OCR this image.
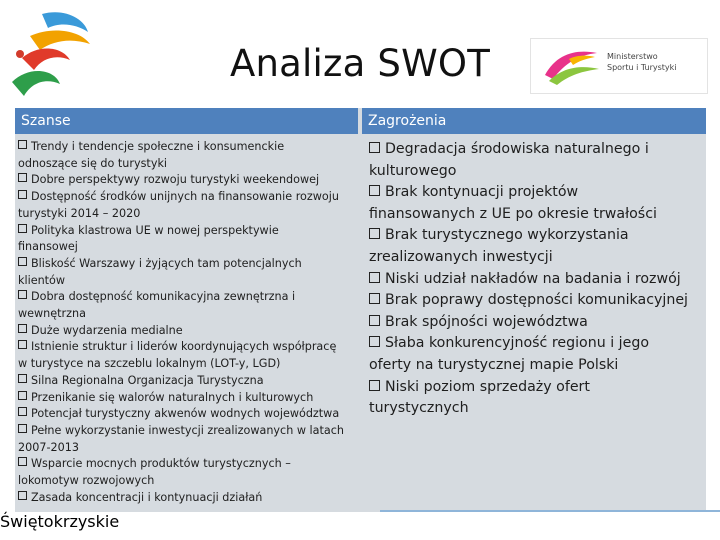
Analiza SWOT	Ministerstwo
Sportu i Turystyki
Szanse	Zagrożenia
Trendy i tendencje społeczne i konsumenckie
odnoszące się do turystyki
Dobre perspektywy rozwoju turystyki weekendowej
Dostępność środków unijnych na finansowanie rozwoju
turystyki 2014 – 2020
Polityka klastrowa UE w nowej perspektywie
finansowej
Bliskość Warszawy i żyjących tam potencjalnych
klientów
Dobra dostępność komunikacyjna zewnętrzna i
wewnętrzna
Duże wydarzenia medialne
Istnienie struktur i liderów koordynujących współpracę
w turystyce na szczeblu lokalnym (LOT-y, LGD)
Silna Regionalna Organizacja Turystyczna
Przenikanie się walorów naturalnych i kulturowych
Potencjał turystyczny akwenów wodnych województwa
Pełne wykorzystanie inwestycji zrealizowanych w latach
2007-2013
Wsparcie mocnych produktów turystycznych –
lokomotyw rozwojowych
Zasada koncentracji i kontynuacji działań
Degradacja środowiska naturalnego i
kulturowego
Brak kontynuacji projektów
finansowanych z UE po okresie trwałości
Brak turystycznego wykorzystania
zrealizowanych inwestycji
Niski udział nakładów na badania i rozwój
Brak poprawy dostępności komunikacyjnej
Brak spójności województwa
Słaba konkurencyjność regionu i jego
oferty na turystycznej mapie Polski
Niski poziom sprzedaży ofert
turystycznych
Świętokrzyskie
